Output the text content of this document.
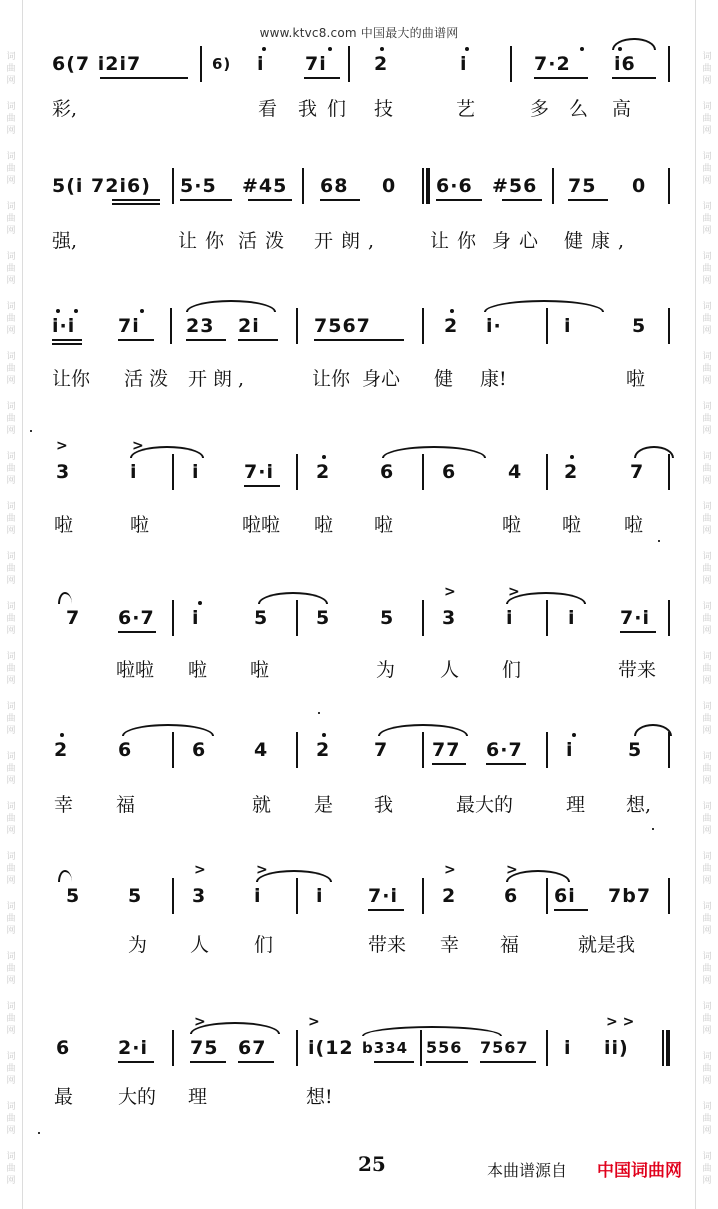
词
曲
网
词
曲
网
词
曲
网
词
曲
网
词
曲
网
词
曲
网
词
曲
网
词
曲
网
词
曲
网
词
曲
网
词
曲
网
词
曲
网
词
曲
网
词
曲
网
词
曲
网
词
曲
网
词
曲
网
词
曲
网
词
曲
网
词
曲
网
词
曲
网
词
曲
网
词
曲
网
词
曲
网
词
曲
网
词
曲
网
词
曲
网
词
曲
网
词
曲
网
词
曲
网
词
曲
网
词
曲
网
词
曲
网
词
曲
网
词
曲
网
词
曲
网
词
曲
网
词
曲
网
词
曲
网
词
曲
网
词
曲
网
词
曲
网
词
曲
网
词
曲
网
词
曲
网
词
曲
网
www.ktvc8.com 中国最大的曲谱网
6(7 i2i7	6) i 7i 2	i	7·2 i6
彩,	看 我们 技	艺	多么 高
5(i 72i6) 5·5 #45 68 0 6·6 #56 75 0
强,	让你 活泼 开朗,	让你 身心 健康,
i·i 7i 23 2i	7567	2 i·	i	5
让你 活泼 开朗,	让你 身心 健 康!	啦
>
3
>
i	i 7·i 2	6	6	4 2	7
啦	啦	啦啦 啦 啦	啦 啦 啦
7 6·7 i	5	5	5
>
3
>
i	i 7·i
啦啦 啦 啦	为 人 们	带来
2	6	6	4	2 7 77 6·7 i	5
幸 福	就 是 我	最大的	理 想,
5	5
>
3
>
i	i 7·i
>
2
>
6 6i 7b7
为 人 们	带来 幸 福	就是我
6	2·i
>
75 67
>
i(12 b334 556 7567 i
> >
ii)
最 大的 理	想!
25	本曲谱源自 中国词曲网
